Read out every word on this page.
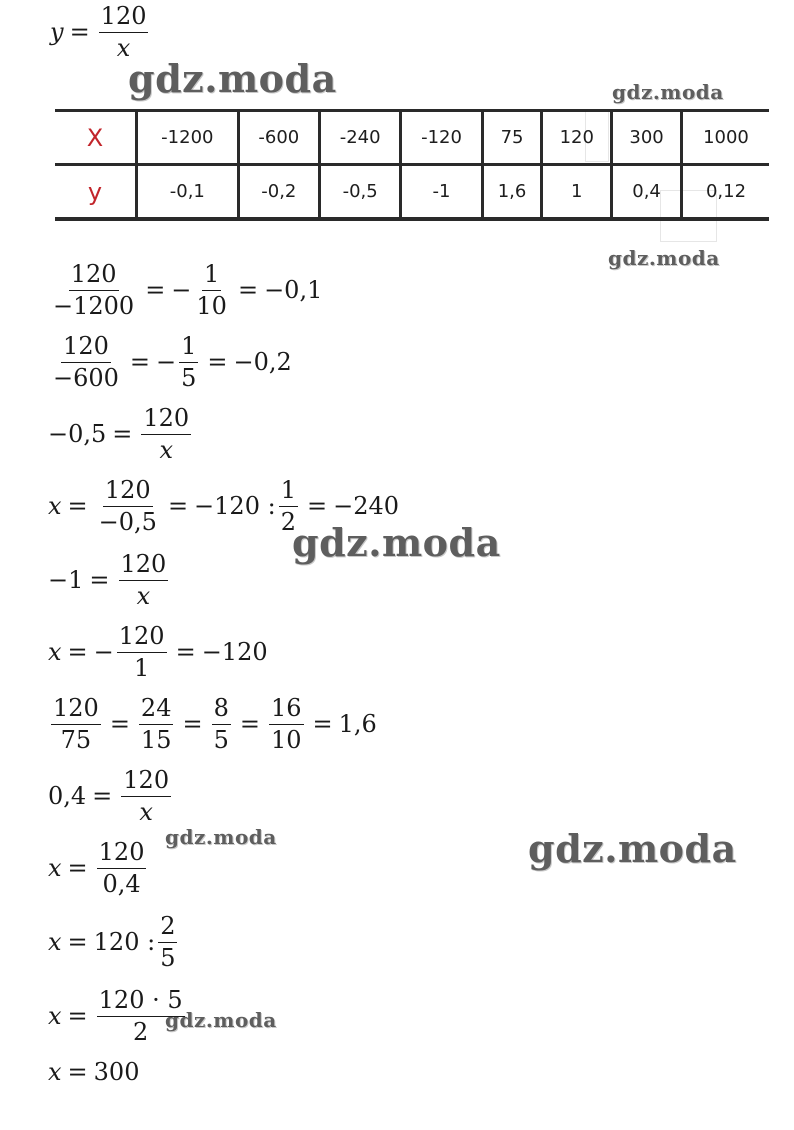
$y = \frac{120}{x}$
gdz.moda	gdz.moda
gdz.moda
gdz.moda
gdz.moda	gdz.moda
gdz.moda
X	-1200	-600	-240	-120	75	120	300	1000
y	-0,1	-0,2	-0,5	-1	1,6	1	0,4	0,12
$\frac{120}{-1200}$ = − $\frac{1}{10} = -0,1$
$\frac{120}{-600}$ = − $\frac{1}{5} = -0,2$
$-0,5 = \frac{120}{x}$
$x = \frac{120}{-0,5} = -120$ : $\frac{1}{2} = -240$
$-1 = \frac{120}{x}$
x = − $\frac{120}{1} = -120$
$\frac{120}{75} = \frac{24}{15} = \frac{8}{5} = \frac{16}{10} = 1,6$
$0,4 = \frac{120}{x}$
$x = \frac{120}{0,4}$
x = 120 : $\frac{2}{5}$
$x = \frac{120 \cdot 5}{2}$
x = 300
